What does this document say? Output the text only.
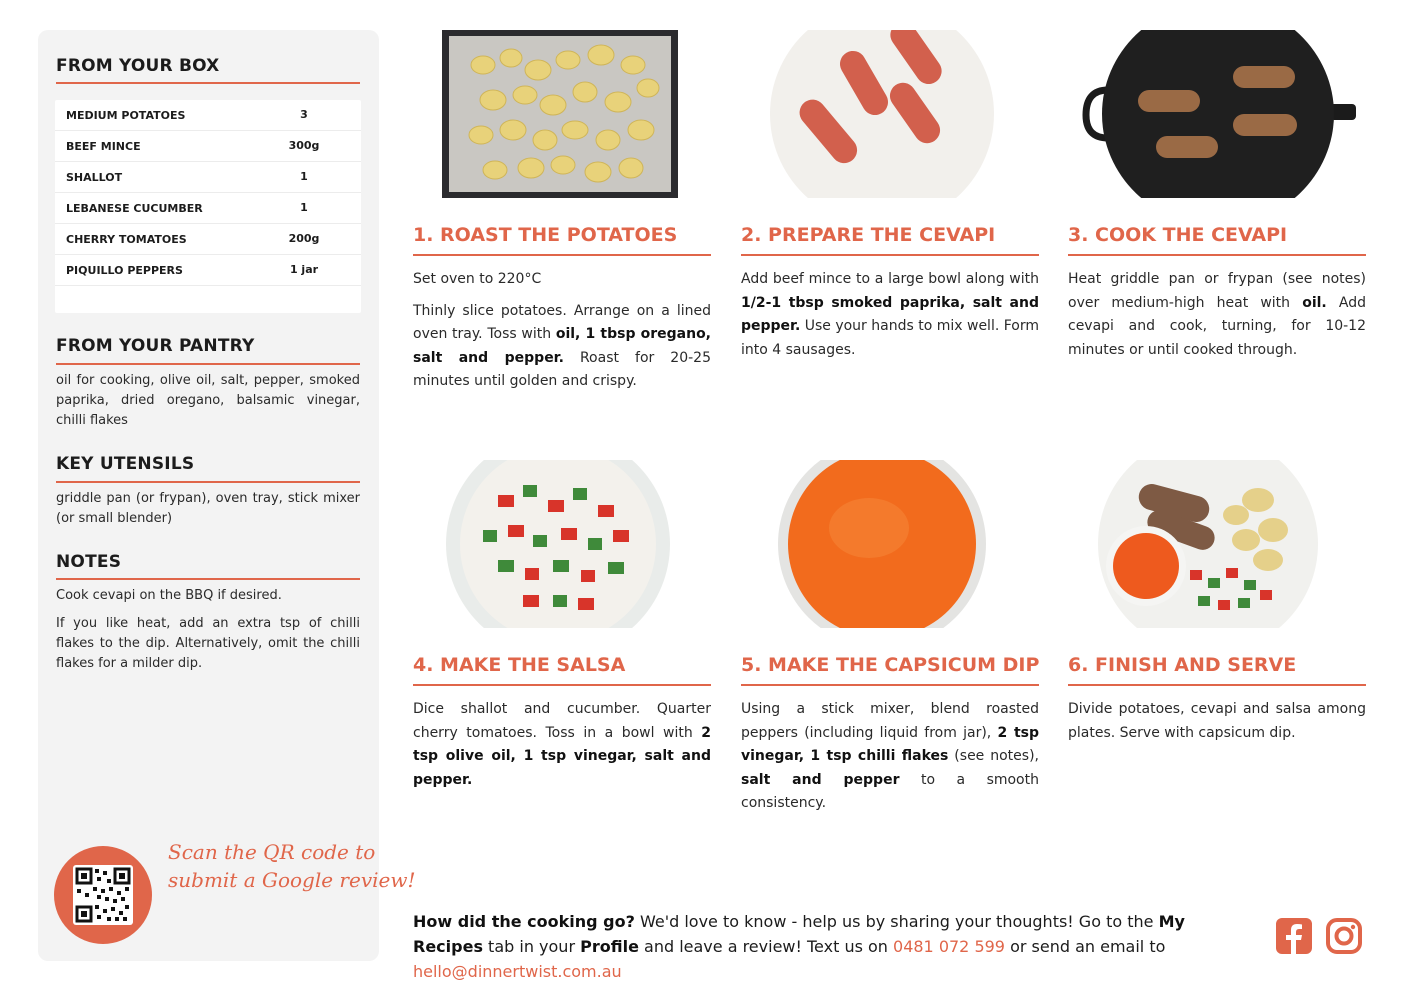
FROM YOUR BOX
MEDIUM POTATOES	3
BEEF MINCE	300g
SHALLOT	1
LEBANESE CUCUMBER	1
CHERRY TOMATOES	200g
PIQUILLO PEPPERS	1 jar
FROM YOUR PANTRY
oil for cooking, olive oil, salt, pepper, smoked paprika, dried oregano, balsamic vinegar, chilli flakes
KEY UTENSILS
griddle pan (or frypan), oven tray, stick mixer (or small blender)
NOTES
Cook cevapi on the BBQ if desired.
If you like heat, add an extra tsp of chilli flakes to the dip. Alternatively, omit the chilli flakes for a milder dip.
Scan the QR code to
submit a Google review!
1. ROAST THE POTATOES

Set oven to 220°C

Thinly slice potatoes. Arrange on a lined oven tray. Toss with oil, 1 tbsp oregano, salt and pepper. Roast for 20-25 minutes until golden and crispy.

2. PREPARE THE CEVAPI

Add beef mince to a large bowl along with 1/2-1 tbsp smoked paprika, salt and pepper. Use your hands to mix well. Form into 4 sausages.

3. COOK THE CEVAPI

Heat griddle pan or frypan (see notes) over medium-high heat with oil. Add cevapi and cook, turning, for 10-12 minutes or until cooked through.

4. MAKE THE SALSA

Dice shallot and cucumber. Quarter cherry tomatoes. Toss in a bowl with 2 tsp olive oil, 1 tsp vinegar, salt and pepper.

5. MAKE THE CAPSICUM DIP

Using a stick mixer, blend roasted peppers (including liquid from jar), 2 tsp vinegar, 1 tsp chilli flakes (see notes), salt and pepper to a smooth consistency.

6. FINISH AND SERVE

Divide potatoes, cevapi and salsa among plates. Serve with capsicum dip.

How did the cooking go? We'd love to know - help us by sharing your thoughts! Go to the My Recipes tab in your Profile and leave a review! Text us on 0481 072 599 or send an email to hello@dinnertwist.com.au
